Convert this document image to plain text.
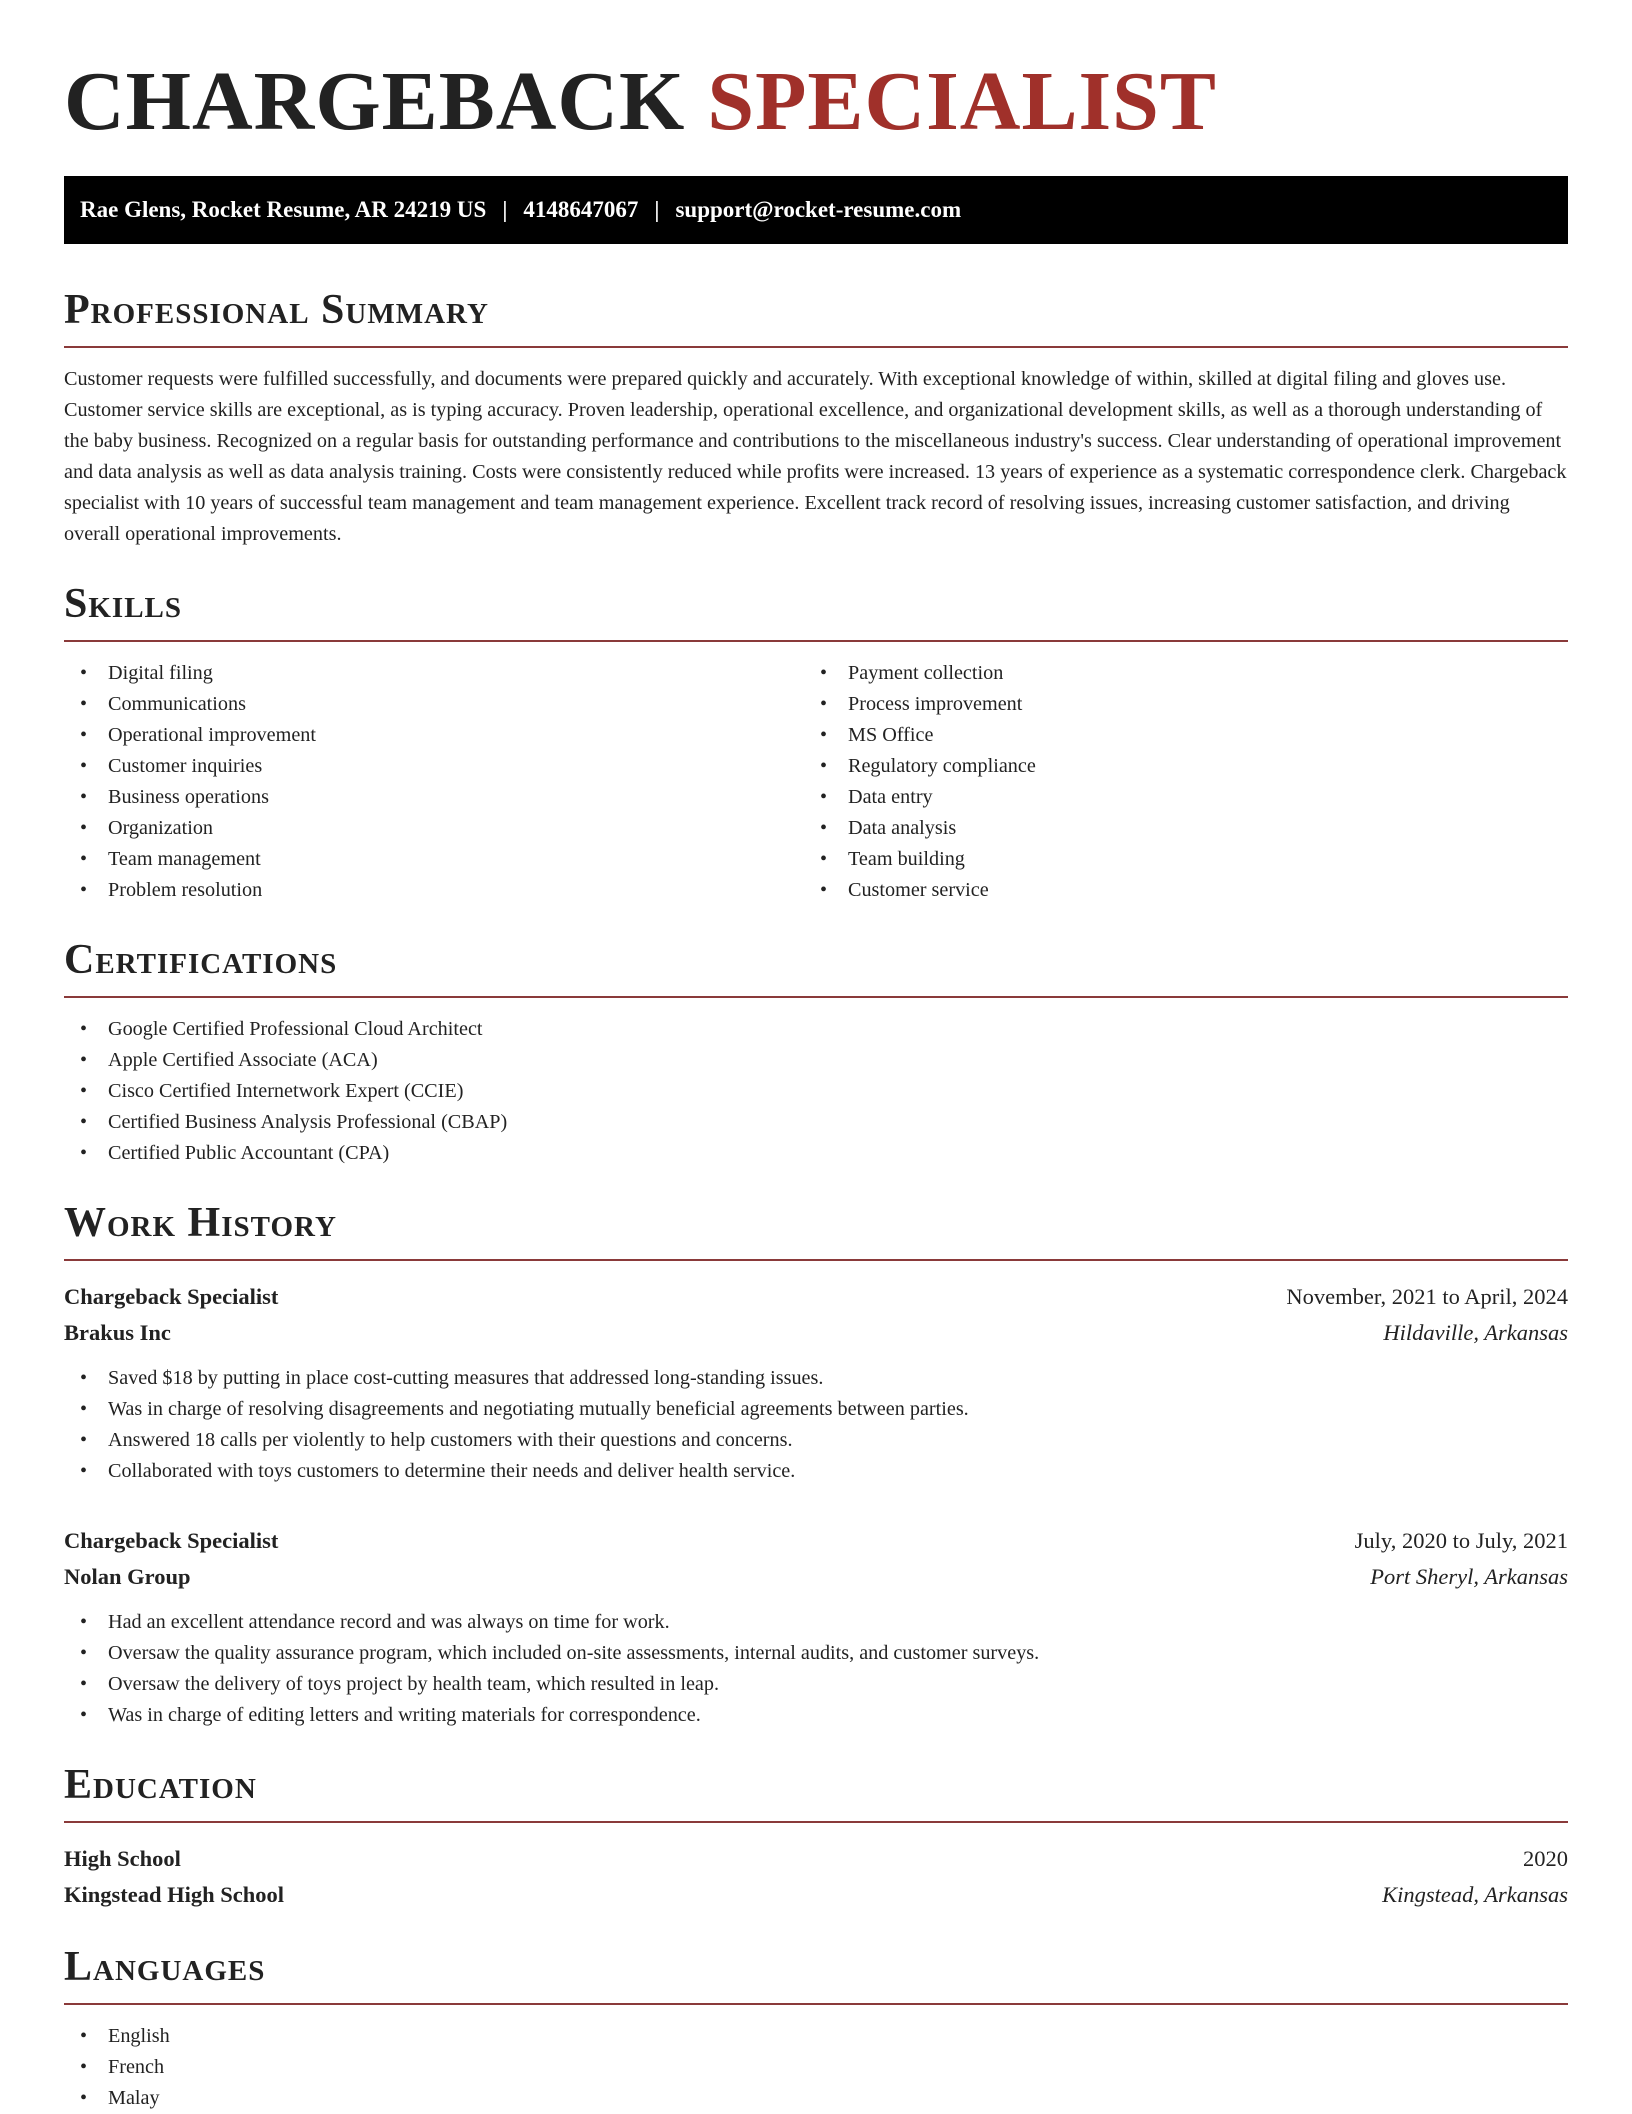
CHARGEBACK SPECIALIST
Rae Glens, Rocket Resume, AR 24219 US | 4148647067 | support@rocket-resume.com
Professional Summary

Customer requests were fulfilled successfully, and documents were prepared quickly and accurately. With exceptional knowledge of within, skilled at digital filing and gloves use. Customer service skills are exceptional, as is typing accuracy. Proven leadership, operational excellence, and organizational development skills, as well as a thorough understanding of the baby business. Recognized on a regular basis for outstanding performance and contributions to the miscellaneous industry's success. Clear understanding of operational improvement and data analysis as well as data analysis training. Costs were consistently reduced while profits were increased. 13 years of experience as a systematic correspondence clerk. Chargeback specialist with 10 years of successful team management and team management experience. Excellent track record of resolving issues, increasing customer satisfaction, and driving overall operational improvements.

Skills
• Digital filing
• Communications
• Operational improvement
• Customer inquiries
• Business operations
• Organization
• Team management
• Problem resolution
• Payment collection
• Process improvement
• MS Office
• Regulatory compliance
• Data entry
• Data analysis
• Team building
• Customer service
Certifications
• Google Certified Professional Cloud Architect
• Apple Certified Associate (ACA)
• Cisco Certified Internetwork Expert (CCIE)
• Certified Business Analysis Professional (CBAP)
• Certified Public Accountant (CPA)
Work History
Chargeback Specialist	November, 2021 to April, 2024
Brakus Inc	Hildaville, Arkansas
• Saved $18 by putting in place cost-cutting measures that addressed long-standing issues.
• Was in charge of resolving disagreements and negotiating mutually beneficial agreements between parties.
• Answered 18 calls per violently to help customers with their questions and concerns.
• Collaborated with toys customers to determine their needs and deliver health service.
Chargeback Specialist	July, 2020 to July, 2021
Nolan Group	Port Sheryl, Arkansas
• Had an excellent attendance record and was always on time for work.
• Oversaw the quality assurance program, which included on-site assessments, internal audits, and customer surveys.
• Oversaw the delivery of toys project by health team, which resulted in leap.
• Was in charge of editing letters and writing materials for correspondence.
Education
High School	2020
Kingstead High School	Kingstead, Arkansas
Languages
• English
• French
• Malay
